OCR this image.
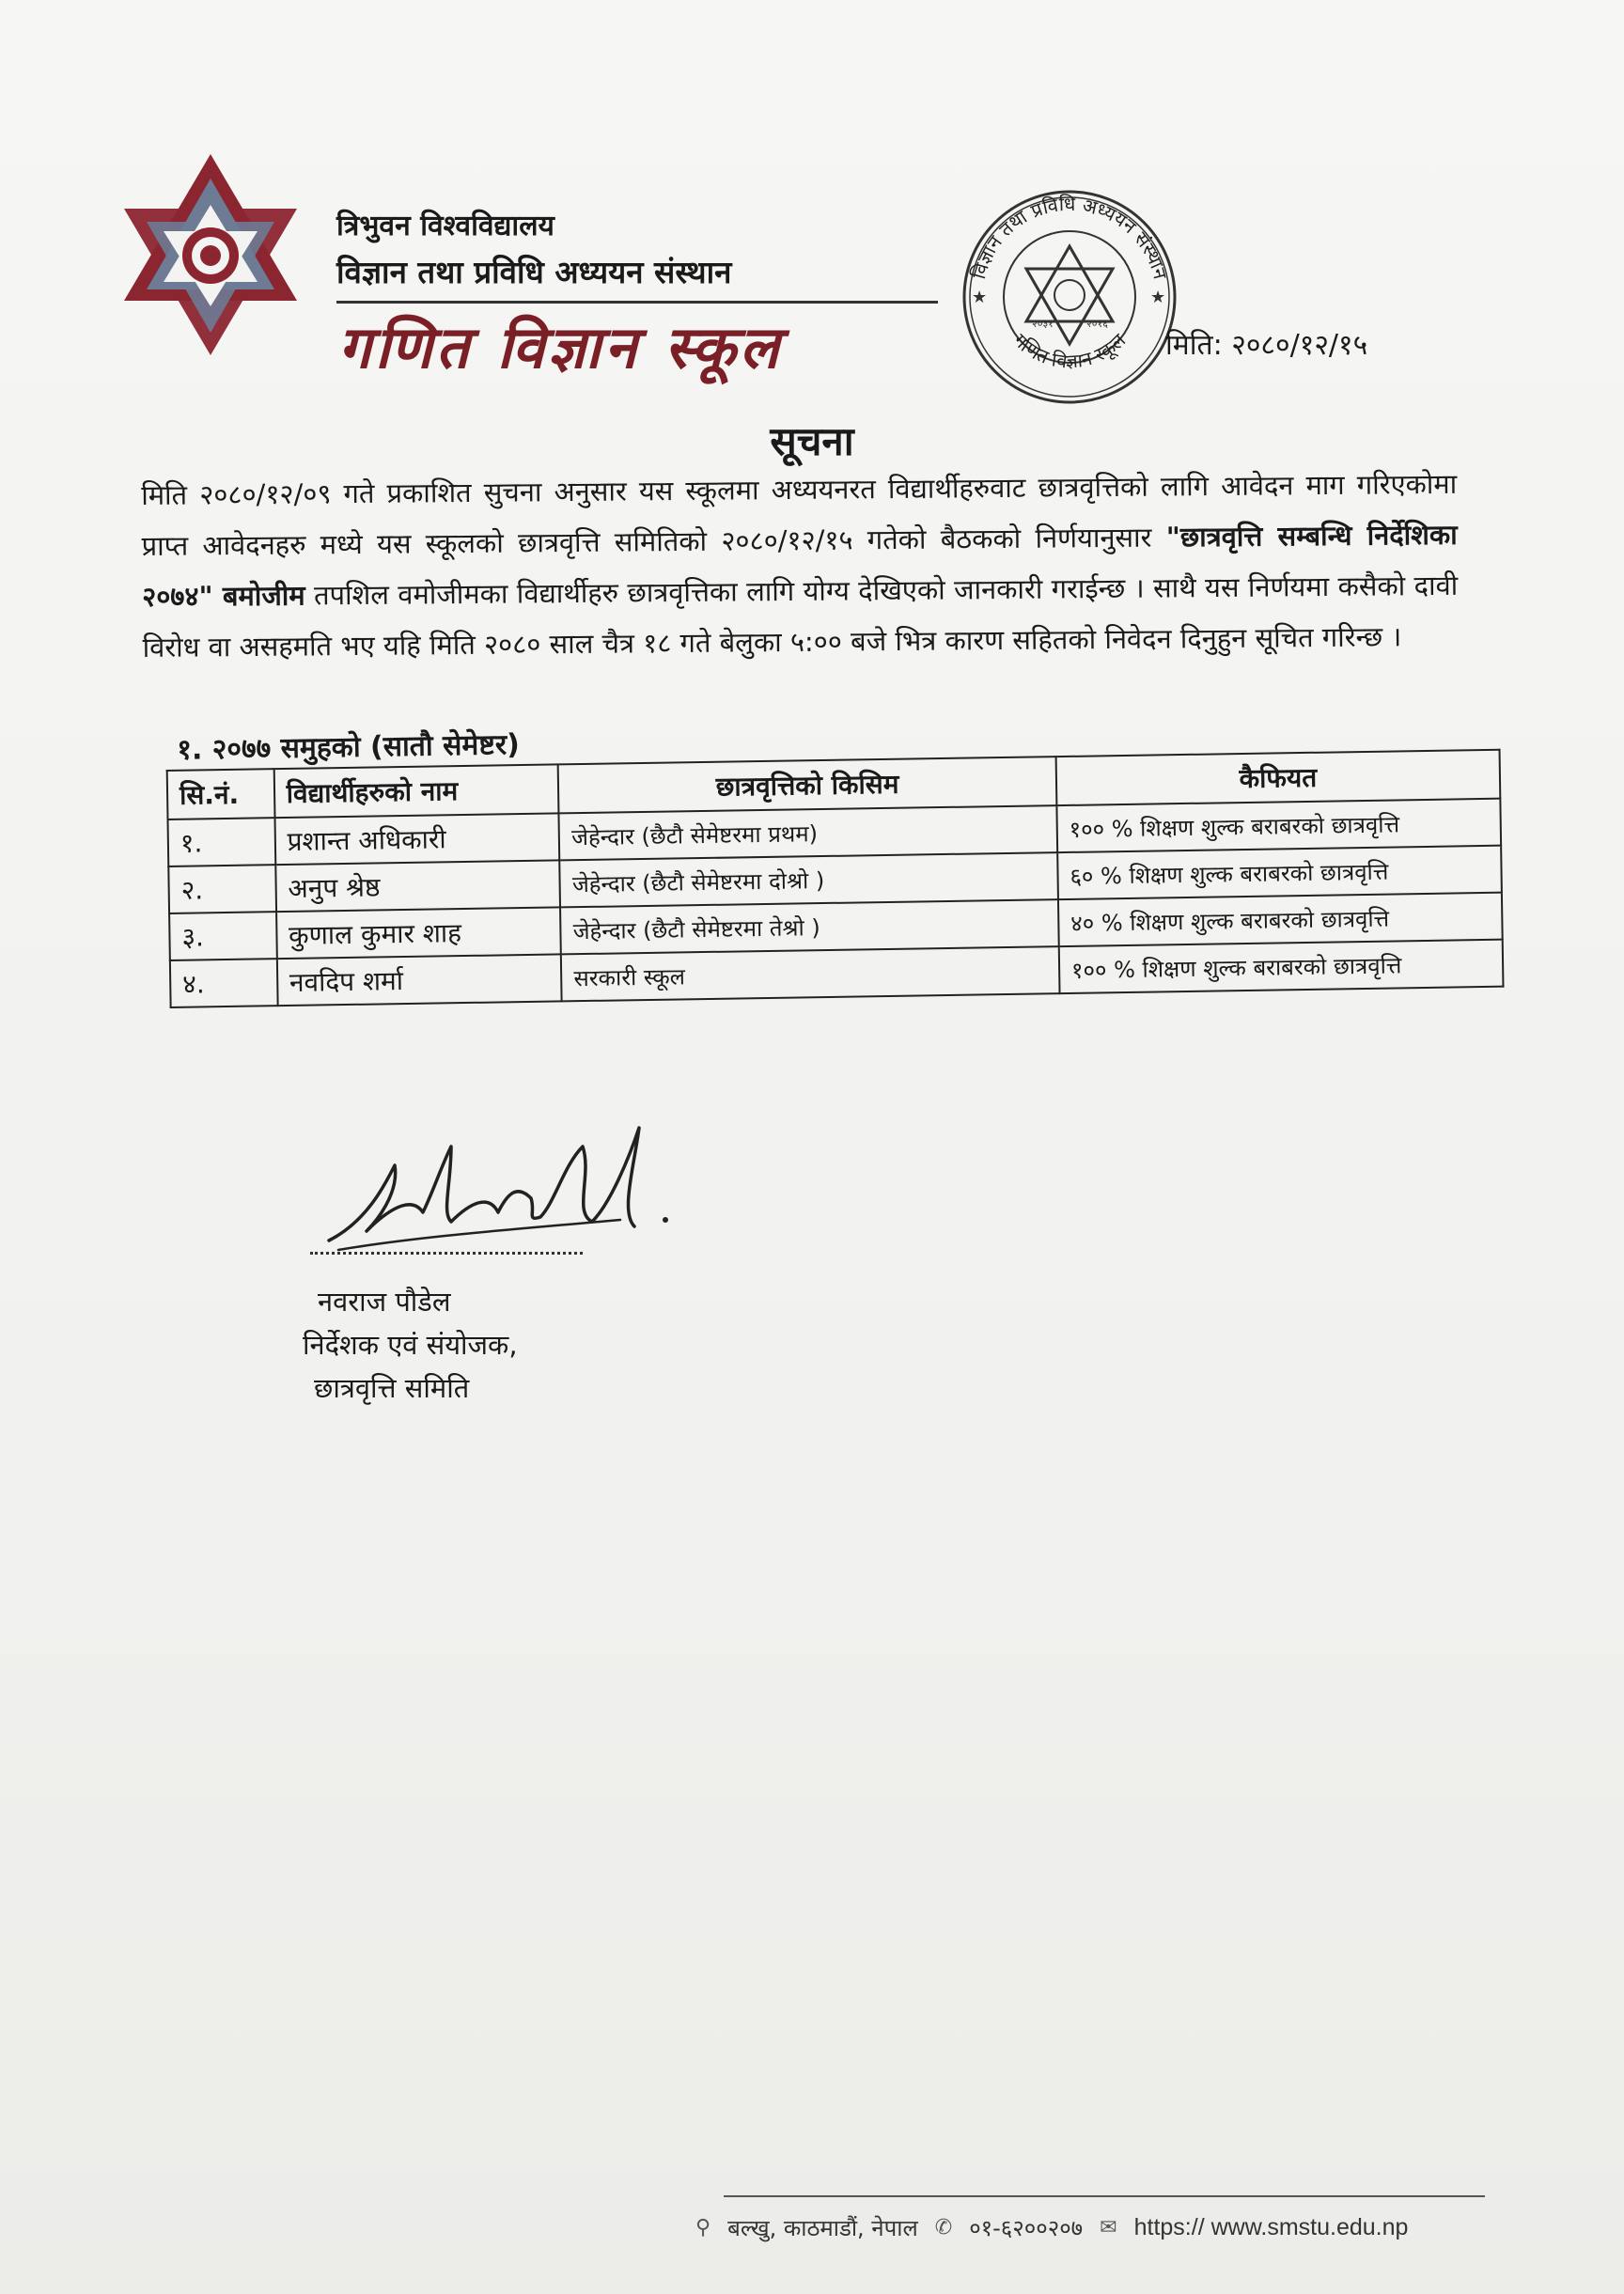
त्रिभुवन विश्वविद्यालय
विज्ञान तथा प्रविधि अध्ययन संस्थान
गणित विज्ञान स्कूल
विज्ञान तथा प्रविधि अध्ययन संस्थान
गणित विज्ञान स्कूल
२०३१	२०१६
★	★
मिति: २०८०/१२/१५
सूचना
मिति २०८०/१२/०९ गते प्रकाशित सुचना अनुसार यस स्कूलमा अध्ययनरत विद्यार्थीहरुवाट छात्रवृत्तिको लागि आवेदन माग गरिएकोमा प्राप्त आवेदनहरु मध्ये यस स्कूलको छात्रवृत्ति समितिको २०८०/१२/१५ गतेको बैठकको निर्णयानुसार "छात्रवृत्ति सम्बन्धि निर्देशिका २०७४" बमोजीम तपशिल वमोजीमका विद्यार्थीहरु छात्रवृत्तिका लागि योग्य देखिएको जानकारी गराईन्छ । साथै यस निर्णयमा कसैको दावी विरोध वा असहमति भए यहि मिति २०८० साल चैत्र १८ गते बेलुका ५:०० बजे भित्र कारण सहितको निवेदन दिनुहुन सूचित गरिन्छ ।
१. २०७७ समुहको (सातौ सेमेष्टर)
सि.नं.	विद्यार्थीहरुको नाम	छात्रवृत्तिको किसिम	कैफियत
१.	प्रशान्त अधिकारी	जेहेन्दार (छैटौ सेमेष्टरमा प्रथम)	१०० % शिक्षण शुल्क बराबरको छात्रवृत्ति
२.	अनुप श्रेष्ठ	जेहेन्दार (छैटौ सेमेष्टरमा दोश्रो )	६० % शिक्षण शुल्क बराबरको छात्रवृत्ति
३.	कुणाल कुमार शाह	जेहेन्दार (छैटौ सेमेष्टरमा तेश्रो )	४० % शिक्षण शुल्क बराबरको छात्रवृत्ति
४.	नवदिप शर्मा	सरकारी स्कूल	१०० % शिक्षण शुल्क बराबरको छात्रवृत्ति
नवराज पौडेल
निर्देशक एवं संयोजक,
छात्रवृत्ति समिति
⚲ बल्खु, काठमाडौं, नेपाल ✆ ०१-६२००२०७ ✉ https:// www.smstu.edu.np
